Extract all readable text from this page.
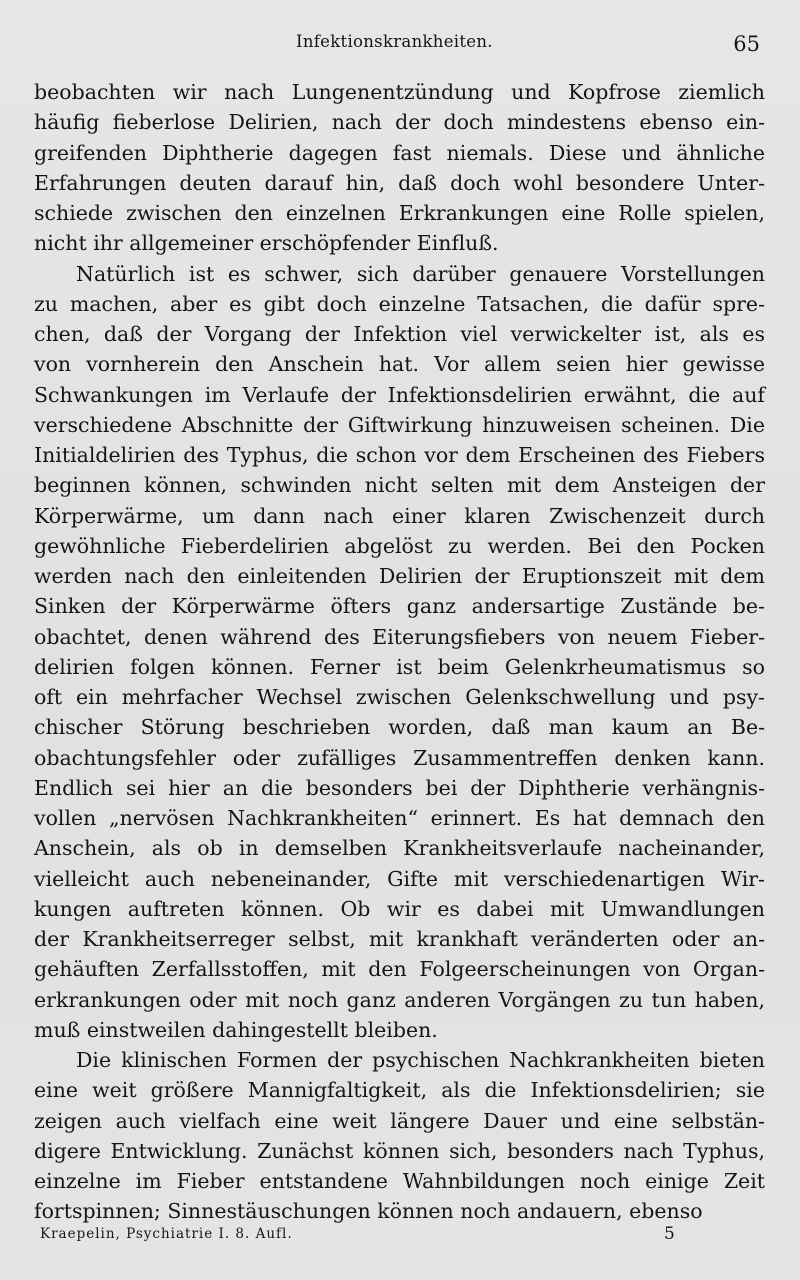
Infektionskrankheiten.	65
beobachten wir nach Lungenentzündung und Kopfrose ziemlich
häufig fieberlose Delirien, nach der doch mindestens ebenso ein-
greifenden Diphtherie dagegen fast niemals. Diese und ähnliche
Erfahrungen deuten darauf hin, daß doch wohl besondere Unter-
schiede zwischen den einzelnen Erkrankungen eine Rolle spielen,
nicht ihr allgemeiner erschöpfender Einfluß.
Natürlich ist es schwer, sich darüber genauere Vorstellungen
zu machen, aber es gibt doch einzelne Tatsachen, die dafür spre-
chen, daß der Vorgang der Infektion viel verwickelter ist, als es
von vornherein den Anschein hat. Vor allem seien hier gewisse
Schwankungen im Verlaufe der Infektionsdelirien erwähnt, die auf
verschiedene Abschnitte der Giftwirkung hinzuweisen scheinen. Die
Initialdelirien des Typhus, die schon vor dem Erscheinen des Fiebers
beginnen können, schwinden nicht selten mit dem Ansteigen der
Körperwärme, um dann nach einer klaren Zwischenzeit durch
gewöhnliche Fieberdelirien abgelöst zu werden. Bei den Pocken
werden nach den einleitenden Delirien der Eruptionszeit mit dem
Sinken der Körperwärme öfters ganz andersartige Zustände be-
obachtet, denen während des Eiterungsfiebers von neuem Fieber-
delirien folgen können. Ferner ist beim Gelenkrheumatismus so
oft ein mehrfacher Wechsel zwischen Gelenkschwellung und psy-
chischer Störung beschrieben worden, daß man kaum an Be-
obachtungsfehler oder zufälliges Zusammentreffen denken kann.
Endlich sei hier an die besonders bei der Diphtherie verhängnis-
vollen „nervösen Nachkrankheiten“ erinnert. Es hat demnach den
Anschein, als ob in demselben Krankheitsverlaufe nacheinander,
vielleicht auch nebeneinander, Gifte mit verschiedenartigen Wir-
kungen auftreten können. Ob wir es dabei mit Umwandlungen
der Krankheitserreger selbst, mit krankhaft veränderten oder an-
gehäuften Zerfallsstoffen, mit den Folgeerscheinungen von Organ-
erkrankungen oder mit noch ganz anderen Vorgängen zu tun haben,
muß einstweilen dahingestellt bleiben.
Die klinischen Formen der psychischen Nachkrankheiten bieten
eine weit größere Mannigfaltigkeit, als die Infektionsdelirien; sie
zeigen auch vielfach eine weit längere Dauer und eine selbstän-
digere Entwicklung. Zunächst können sich, besonders nach Typhus,
einzelne im Fieber entstandene Wahnbildungen noch einige Zeit
fortspinnen; Sinnestäuschungen können noch andauern, ebenso
Kraepelin, Psychiatrie I. 8. Aufl.	5
